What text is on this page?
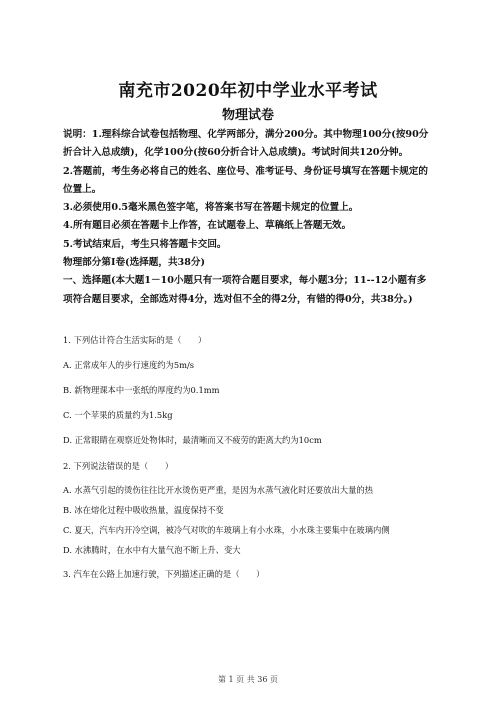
南充市2020年初中学业水平考试
物理试卷

说明：1.理科综合试卷包括物理、化学两部分，满分200分。其中物理100分(按90分折合计入总成绩)，化学100分(按60分折合计入总成绩)。考试时间共120分钟。

2.答题前，考生务必将自己的姓名、座位号、准考证号、身份证号填写在答题卡规定的位置上。

3.必须使用0.5毫米黑色签字笔，将答案书写在答题卡规定的位置上。

4.所有题目必须在答题卡上作答，在试题卷上、草稿纸上答题无效。

5.考试结束后，考生只将答题卡交回。

物理部分第Ⅰ卷(选择题，共38分)

一、选择题(本大题1－10小题只有一项符合题目要求，每小题3分；11--12小题有多项符合题目要求，全部选对得4分，选对但不全的得2分，有错的得0分，共38分。)

1. 下列估计符合生活实际的是（　　）
A. 正常成年人的步行速度约为5m/s
B. 新物理课本中一张纸的厚度约为0.1mm
C. 一个苹果的质量约为1.5kg
D. 正常眼睛在观察近处物体时，最清晰而又不疲劳的距离大约为10cm
2. 下列说法错误的是（　　）
A. 水蒸气引起的烫伤往往比开水烫伤更严重，是因为水蒸气液化时还要放出大量的热
B. 冰在熔化过程中吸收热量，温度保持不变
C. 夏天，汽车内开冷空调，被冷气对吹的车玻璃上有小水珠，小水珠主要集中在玻璃内侧
D. 水沸腾时，在水中有大量气泡不断上升、变大
3. 汽车在公路上加速行驶，下列描述正确的是（　　）
第 1 页 共 36 页
